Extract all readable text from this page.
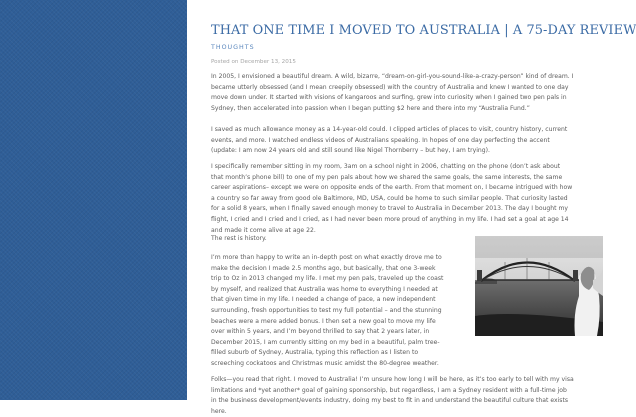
THAT ONE TIME I MOVED TO AUSTRALIA | A 75-DAY REVIEW
THOUGHTS
Posted on December 13, 2015

In 2005, I envisioned a beautiful dream. A wild, bizarre, “dream-on-girl-you-sound-like-a-crazy-person” kind of dream. I became utterly obsessed (and I mean creepily obsessed) with the country of Australia and knew I wanted to one day move down under. It started with visions of kangaroos and surfing, grew into curiosity when I gained two pen pals in Sydney, then accelerated into passion when I began putting $2 here and there into my “Australia Fund.”

I saved as much allowance money as a 14-year-old could. I clipped articles of places to visit, country history, current events, and more. I watched endless videos of Australians speaking. In hopes of one day perfecting the accent (update: I am now 24 years old and still sound like Nigel Thornberry – but hey, I am trying).

I specifically remember sitting in my room, 3am on a school night in 2006, chatting on the phone (don’t ask about that month’s phone bill) to one of my pen pals about how we shared the same goals, the same interests, the same career aspirations– except we were on opposite ends of the earth. From that moment on, I became intrigued with how a country so far away from good ole Baltimore, MD, USA, could be home to such similar people. That curiosity lasted for a solid 8 years, when I finally saved enough money to travel to Australia in December 2013. The day I bought my flight, I cried and I cried and I cried, as I had never been more proud of anything in my life. I had set a goal at age 14 and made it come alive at age 22.

The rest is history.

I’m more than happy to write an in-depth post on what exactly drove me to make the decision I made 2.5 months ago, but basically, that one 3-week trip to Oz in 2013 changed my life. I met my pen pals, traveled up the coast by myself, and realized that Australia was home to everything I needed at that given time in my life. I needed a change of pace, a new independent surrounding, fresh opportunities to test my full potential – and the stunning beaches were a mere added bonus. I then set a new goal to move my life over within 5 years, and I’m beyond thrilled to say that 2 years later, in December 2015, I am currently sitting on my bed in a beautiful, palm tree-filled suburb of Sydney, Australia, typing this reflection as I listen to screeching cockatoos and Christmas music amidst the 80-degree weather.

Folks—you read that right. I moved to Australia! I’m unsure how long I will be here, as it’s too early to tell with my visa limitations and *yet another* goal of gaining sponsorship, but regardless, I am a Sydney resident with a full-time job in the business development/events industry, doing my best to fit in and understand the beautiful culture that exists here.
